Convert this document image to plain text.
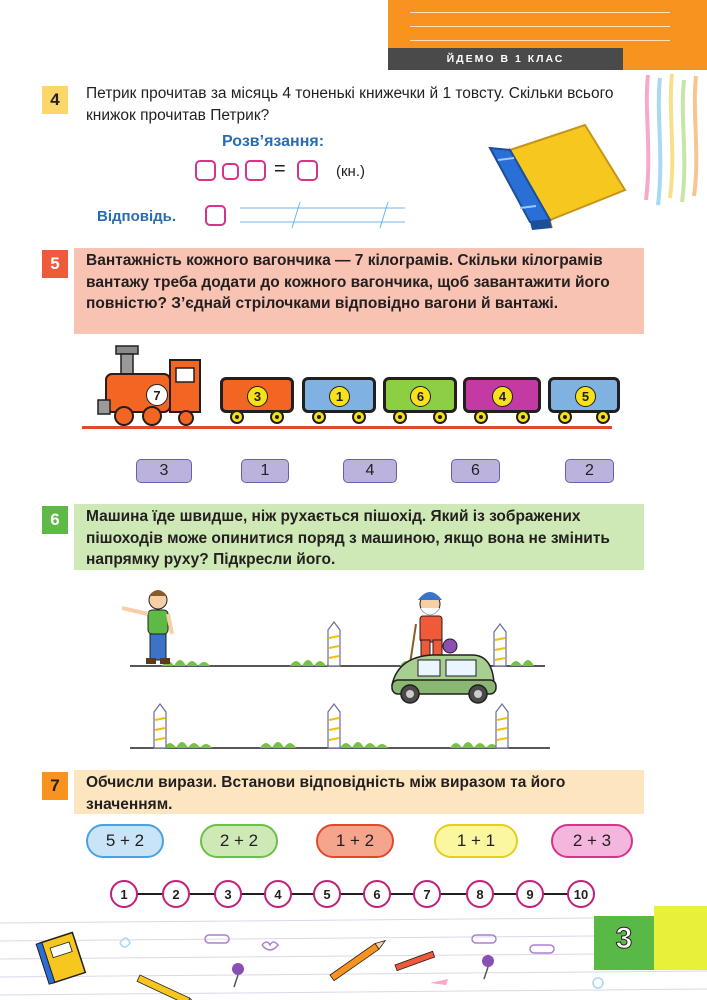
ЙДЕМО В 1 КЛАС
4	Петрик прочитав за місяць 4 тоненькі книжечки й 1 товсту. Скільки всього книжок прочитав Петрик?
Розв’язання:
=	(кн.)
Відповідь.
5	Вантажність кожного вагончика — 7 кілограмів. Скільки кілограмів вантажу треба додати до кожного вагончика, щоб завантажити його повністю? З’єднай стрілочками відповідно вагони й вантажі.
7	3	1	6	4	5
3	1	4	6	2
6	Машина їде швидше, ніж рухається пішохід. Який із зображених пішоходів може опинитися поряд з машиною, якщо вона не змінить напрямку руху? Підкресли його.
7	Обчисли вирази. Встанови відповідність між виразом та його значенням.
5 + 2	2 + 2	1 + 2	1 + 1	2 + 3
1	2	3	4	5	6	7	8	9	10
3
